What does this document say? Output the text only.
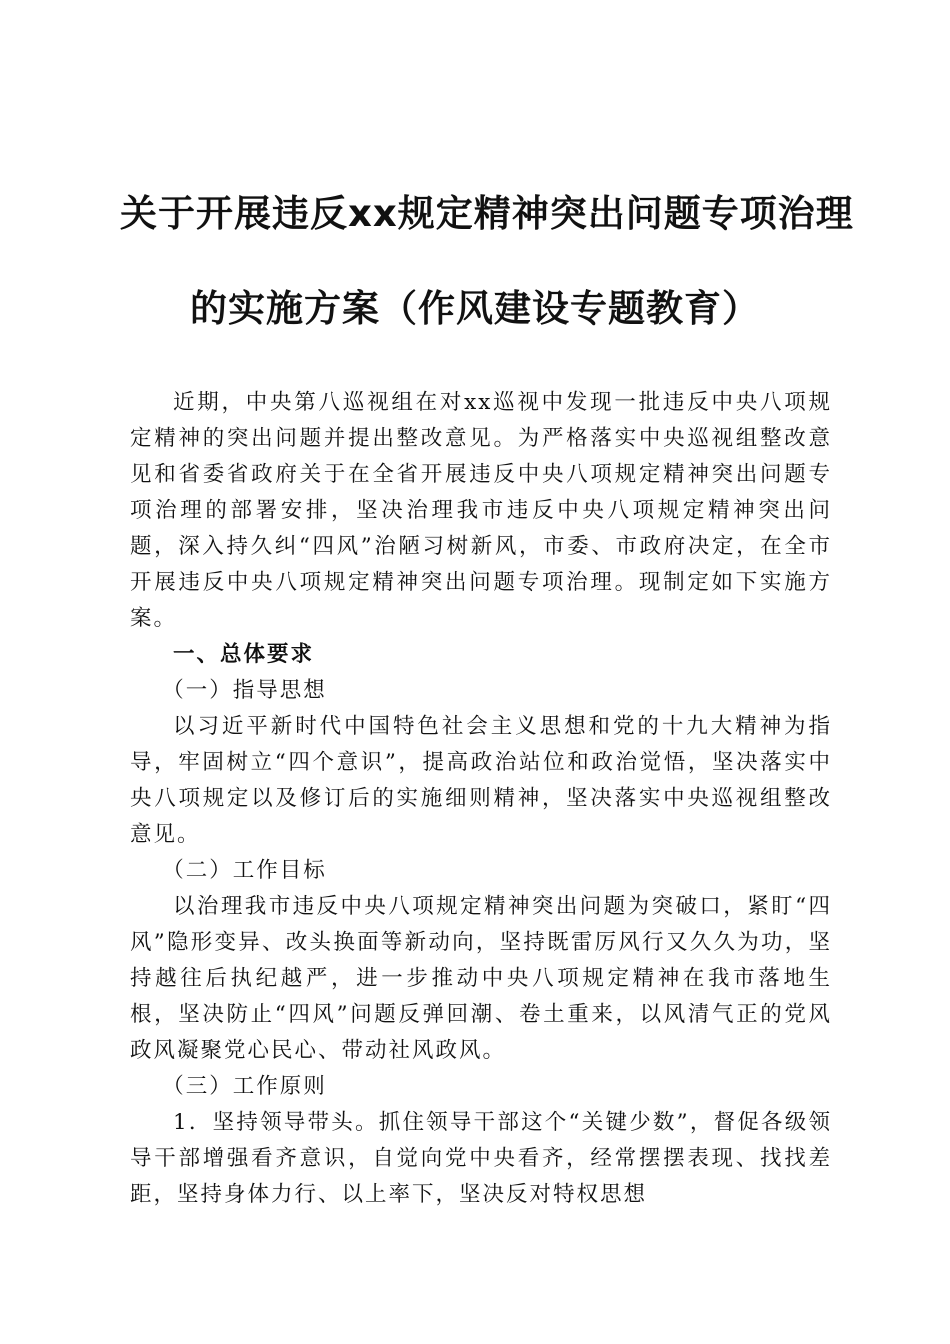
关于开展违反xx规定精神突出问题专项治理
的实施方案（作风建设专题教育）

近期，中央第八巡视组在对xx巡视中发现一批违反中央八项规定精神的突出问题并提出整改意见。为严格落实中央巡视组整改意见和省委省政府关于在全省开展违反中央八项规定精神突出问题专项治理的部署安排，坚决治理我市违反中央八项规定精神突出问题，深入持久纠“四风”治陋习树新风，市委、市政府决定，在全市开展违反中央八项规定精神突出问题专项治理。现制定如下实施方案。

一、总体要求

（一）指导思想

以习近平新时代中国特色社会主义思想和党的十九大精神为指导，牢固树立“四个意识”，提高政治站位和政治觉悟，坚决落实中央八项规定以及修订后的实施细则精神，坚决落实中央巡视组整改意见。

（二）工作目标

以治理我市违反中央八项规定精神突出问题为突破口，紧盯“四风”隐形变异、改头换面等新动向，坚持既雷厉风行又久久为功，坚持越往后执纪越严，进一步推动中央八项规定精神在我市落地生根，坚决防止“四风”问题反弹回潮、卷土重来，以风清气正的党风政风凝聚党心民心、带动社风政风。

（三）工作原则

1．坚持领导带头。抓住领导干部这个“关键少数”，督促各级领导干部增强看齐意识，自觉向党中央看齐，经常摆摆表现、找找差距，坚持身体力行、以上率下，坚决反对特权思想
